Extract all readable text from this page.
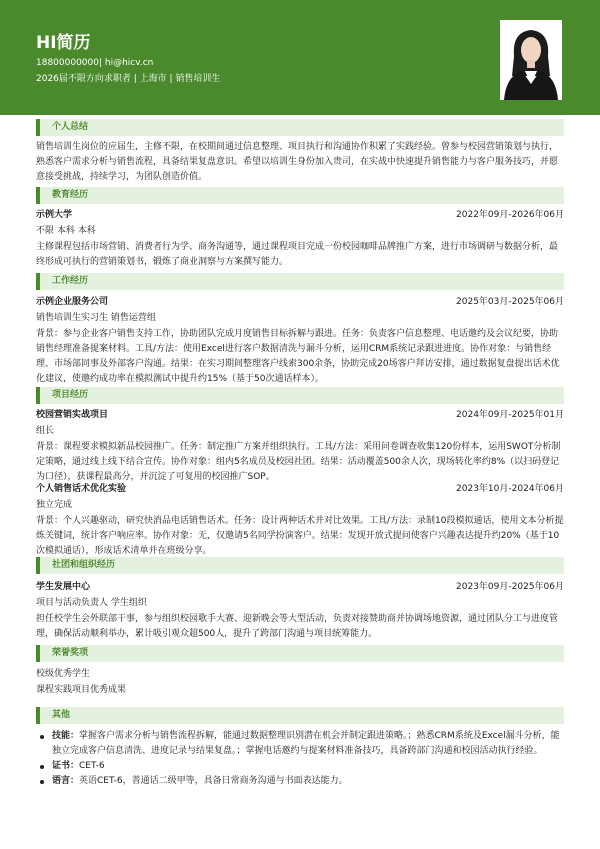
HI简历
18800000000| hi@hicv.cn
2026届不限方向求职者 | 上海市 | 销售培训生
个人总结
销售培训生岗位的应届生，主修不限，在校期间通过信息整理、项目执行和沟通协作积累了实践经验。曾参与校园营销策划与执行，熟悉客户需求分析与销售流程，具备结果复盘意识。希望以培训生身份加入贵司，在实战中快速提升销售能力与客户服务技巧，并愿意接受挑战，持续学习，为团队创造价值。
教育经历
示例大学	2022年09月-2026年06月
不限 本科 本科
主修课程包括市场营销、消费者行为学、商务沟通等，通过课程项目完成一份校园咖啡品牌推广方案，进行市场调研与数据分析，最终形成可执行的营销策划书，锻炼了商业洞察与方案撰写能力。
工作经历
示例企业服务公司	2025年03月-2025年06月
销售培训生实习生 销售运营组
背景：参与企业客户销售支持工作，协助团队完成月度销售目标拆解与跟进。任务：负责客户信息整理、电话邀约及会议纪要，协助销售经理准备提案材料。工具/方法：使用Excel进行客户数据清洗与漏斗分析，运用CRM系统记录跟进进度。协作对象：与销售经理、市场部同事及外部客户沟通。结果：在实习期间整理客户线索300余条，协助完成20场客户拜访安排，通过数据复盘提出话术优化建议，使邀约成功率在模拟测试中提升约15%（基于50次通话样本）。
项目经历
校园营销实战项目	2024年09月-2025年01月
组长
背景：课程要求模拟新品校园推广。任务：制定推广方案并组织执行。工具/方法：采用问卷调查收集120份样本，运用SWOT分析制定策略，通过线上线下结合宣传。协作对象：组内5名成员及校园社团。结果：活动覆盖500余人次，现场转化率约8%（以扫码登记为口径），获课程最高分，并沉淀了可复用的校园推广SOP。
个人销售话术优化实验	2023年10月-2024年06月
独立完成
背景：个人兴趣驱动，研究快消品电话销售话术。任务：设计两种话术并对比效果。工具/方法：录制10段模拟通话，使用文本分析提炼关键词，统计客户响应率。协作对象：无，仅邀请5名同学扮演客户。结果：发现开放式提问使客户兴趣表达提升约20%（基于10次模拟通话），形成话术清单并在班级分享。
社团和组织经历
学生发展中心	2023年09月-2025年06月
项目与活动负责人 学生组织
担任校学生会外联部干事，参与组织校园歌手大赛、迎新晚会等大型活动，负责对接赞助商并协调场地资源，通过团队分工与进度管理，确保活动顺利举办，累计吸引观众超500人，提升了跨部门沟通与项目统筹能力。
荣誉奖项
校级优秀学生
课程实践项目优秀成果
其他
技能：掌握客户需求分析与销售流程拆解，能通过数据整理识别潜在机会并制定跟进策略。；熟悉CRM系统及Excel漏斗分析，能独立完成客户信息清洗、进度记录与结果复盘。；掌握电话邀约与提案材料准备技巧，具备跨部门沟通和校园活动执行经验。
证书：CET-6
语言：英语CET-6，普通话二级甲等，具备日常商务沟通与书面表达能力。
